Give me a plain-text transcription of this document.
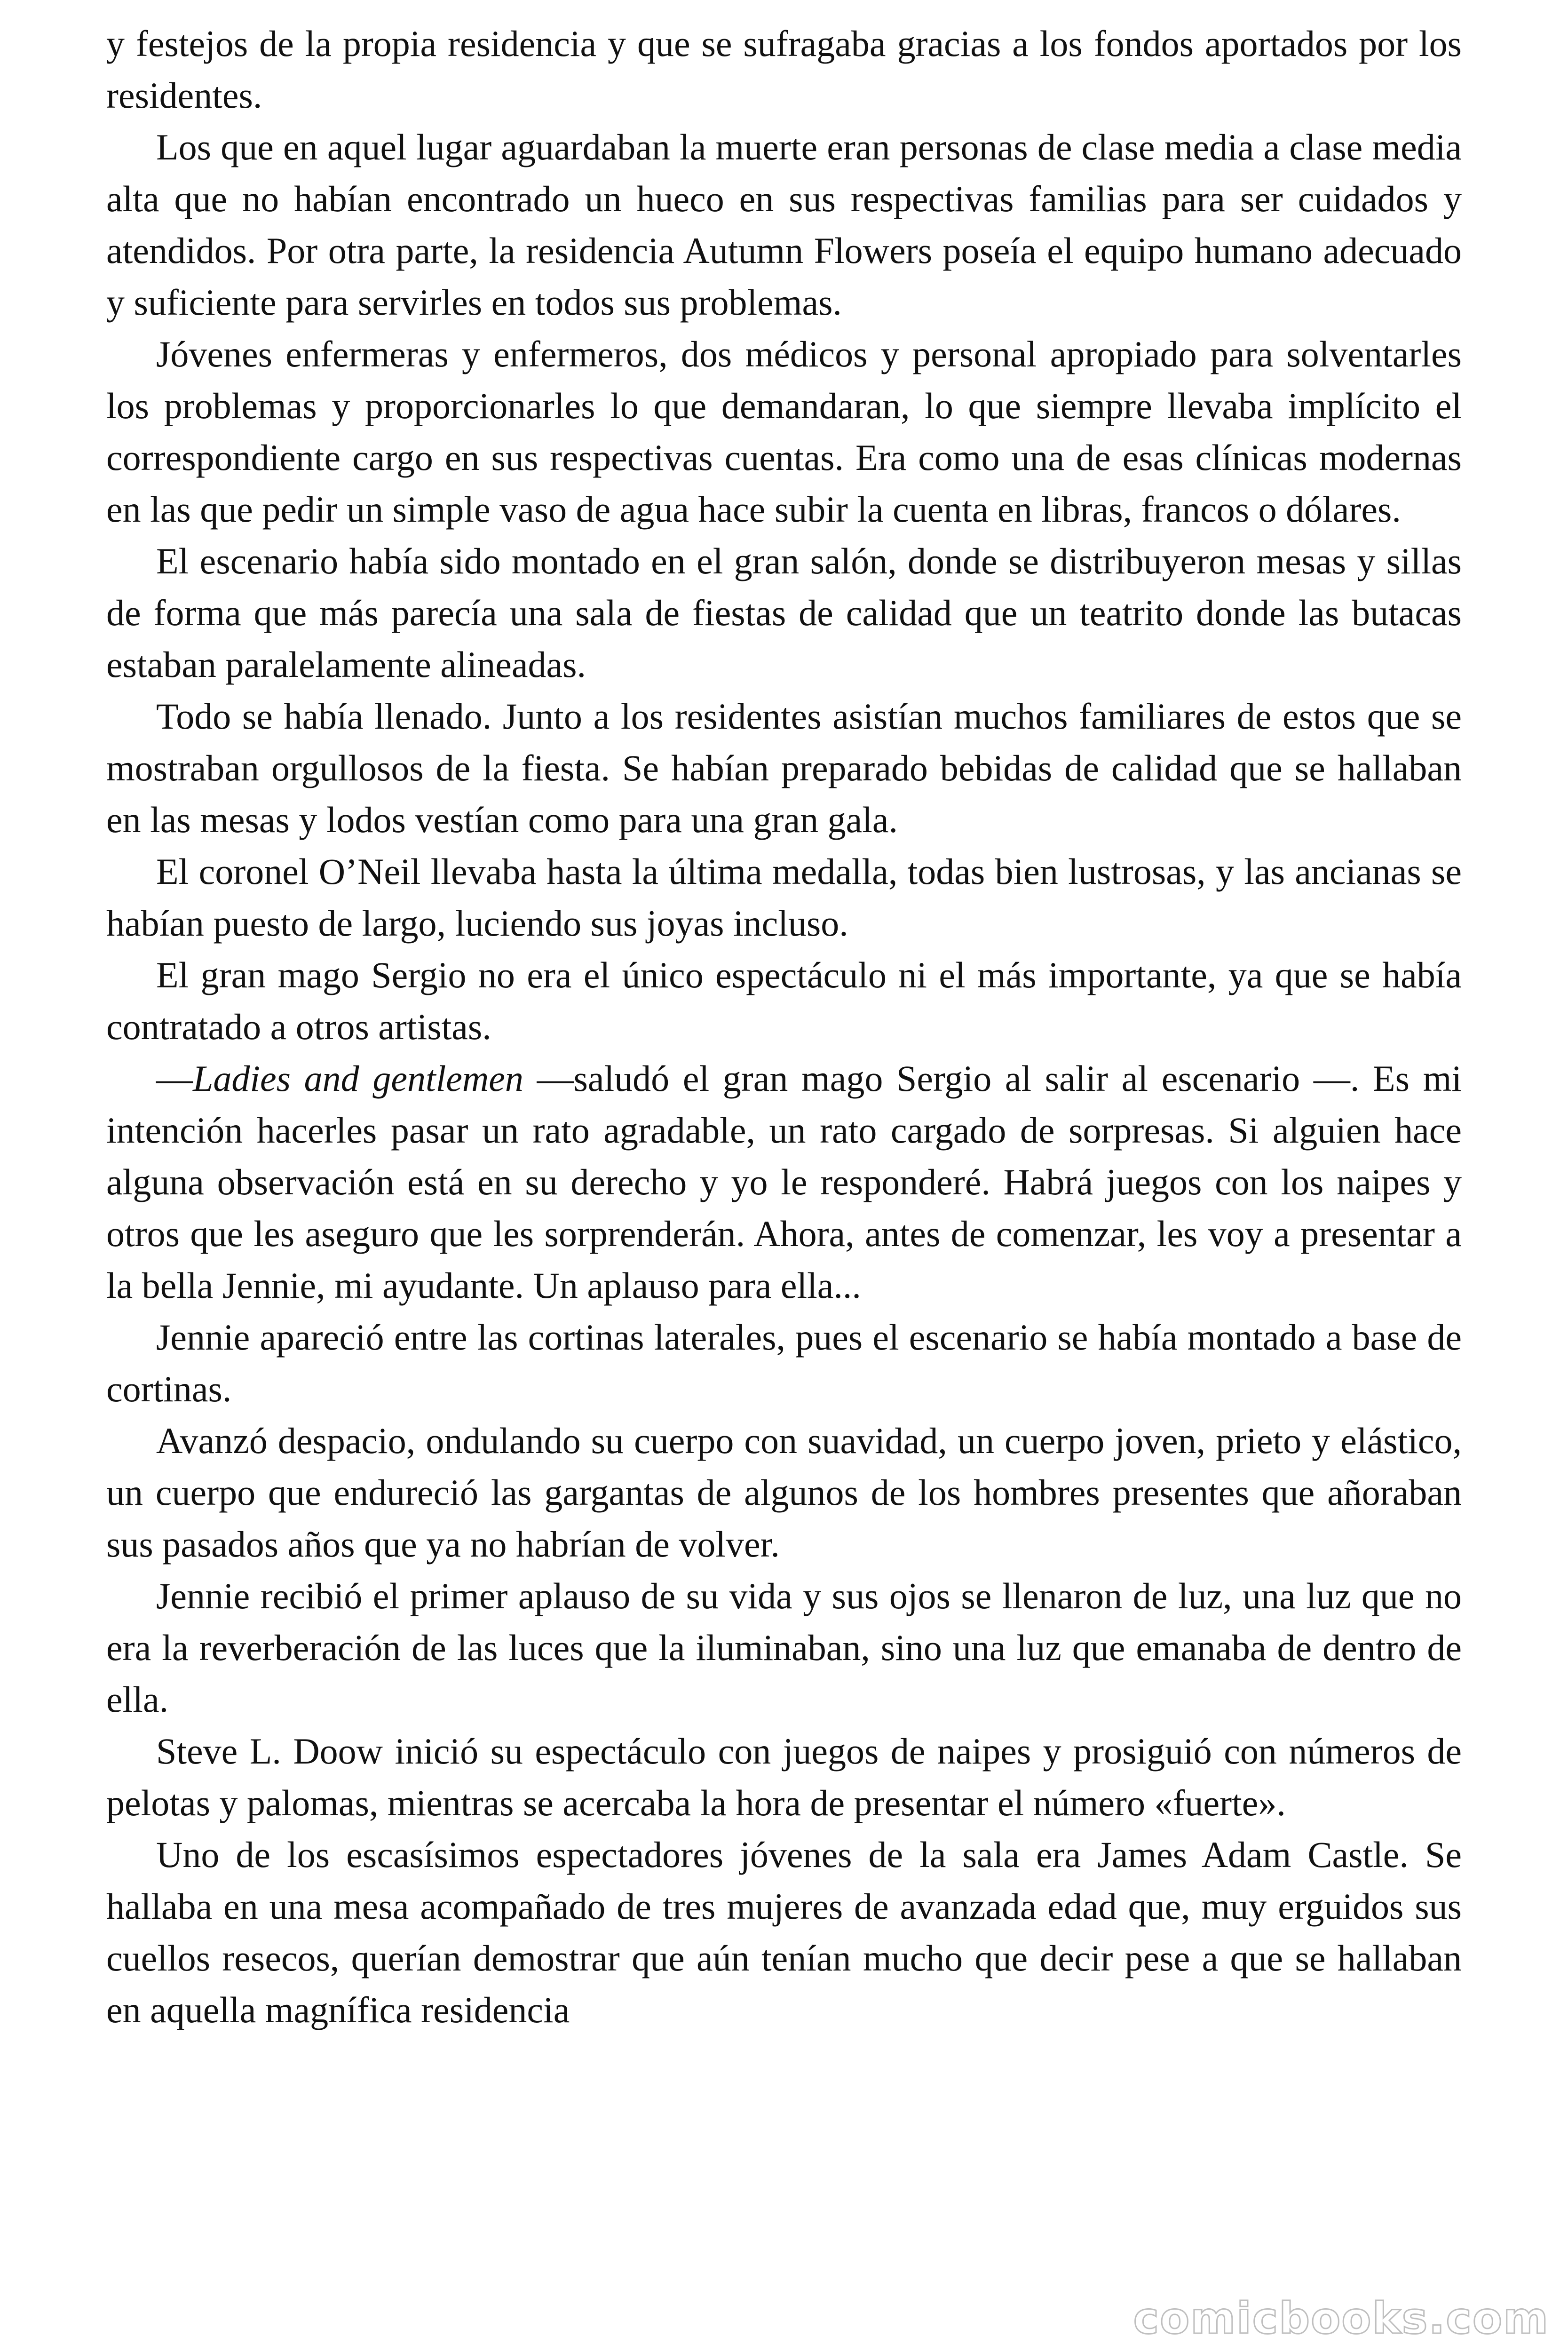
y festejos de la propia residencia y que se sufragaba gracias a los fondos aportados por los residentes.

Los que en aquel lugar aguardaban la muerte eran personas de clase media a clase media alta que no habían encontrado un hueco en sus respectivas familias para ser cuidados y atendidos. Por otra parte, la residencia Autumn Flowers poseía el equipo humano adecuado y suficiente para servirles en todos sus problemas.

Jóvenes enfermeras y enfermeros, dos médicos y personal apropiado para solventarles los problemas y proporcionarles lo que demandaran, lo que siempre llevaba implícito el correspondiente cargo en sus respectivas cuentas. Era como una de esas clínicas modernas en las que pedir un simple vaso de agua hace subir la cuenta en libras, francos o dólares.

El escenario había sido montado en el gran salón, donde se distribuyeron mesas y sillas de forma que más parecía una sala de fiestas de calidad que un teatrito donde las butacas estaban paralelamente alineadas.

Todo se había llenado. Junto a los residentes asistían muchos familiares de estos que se mostraban orgullosos de la fiesta. Se habían preparado bebidas de calidad que se hallaban en las mesas y lodos vestían como para una gran gala.

El coronel O’Neil llevaba hasta la última medalla, todas bien lustrosas, y las ancianas se habían puesto de largo, luciendo sus joyas incluso.

El gran mago Sergio no era el único espectáculo ni el más importante, ya que se había contratado a otros artistas.

—Ladies and gentlemen —saludó el gran mago Sergio al salir al escenario —. Es mi intención hacerles pasar un rato agradable, un rato cargado de sorpresas. Si alguien hace alguna observación está en su derecho y yo le responderé. Habrá juegos con los naipes y otros que les aseguro que les sorprenderán. Ahora, antes de comenzar, les voy a presentar a la bella Jennie, mi ayudante. Un aplauso para ella...

Jennie apareció entre las cortinas laterales, pues el escenario se había montado a base de cortinas.

Avanzó despacio, ondulando su cuerpo con suavidad, un cuerpo joven, prieto y elástico, un cuerpo que endureció las gargantas de algunos de los hombres presentes que añoraban sus pasados años que ya no habrían de volver.

Jennie recibió el primer aplauso de su vida y sus ojos se llenaron de luz, una luz que no era la reverberación de las luces que la iluminaban, sino una luz que emanaba de dentro de ella.

Steve L. Doow inició su espectáculo con juegos de naipes y prosiguió con números de pelotas y palomas, mientras se acercaba la hora de presentar el número «fuerte».

Uno de los escasísimos espectadores jóvenes de la sala era James Adam Castle. Se hallaba en una mesa acompañado de tres mujeres de avanzada edad que, muy erguidos sus cuellos resecos, querían demostrar que aún tenían mucho que decir pese a que se hallaban en aquella magnífica residencia

comicbooks.com
